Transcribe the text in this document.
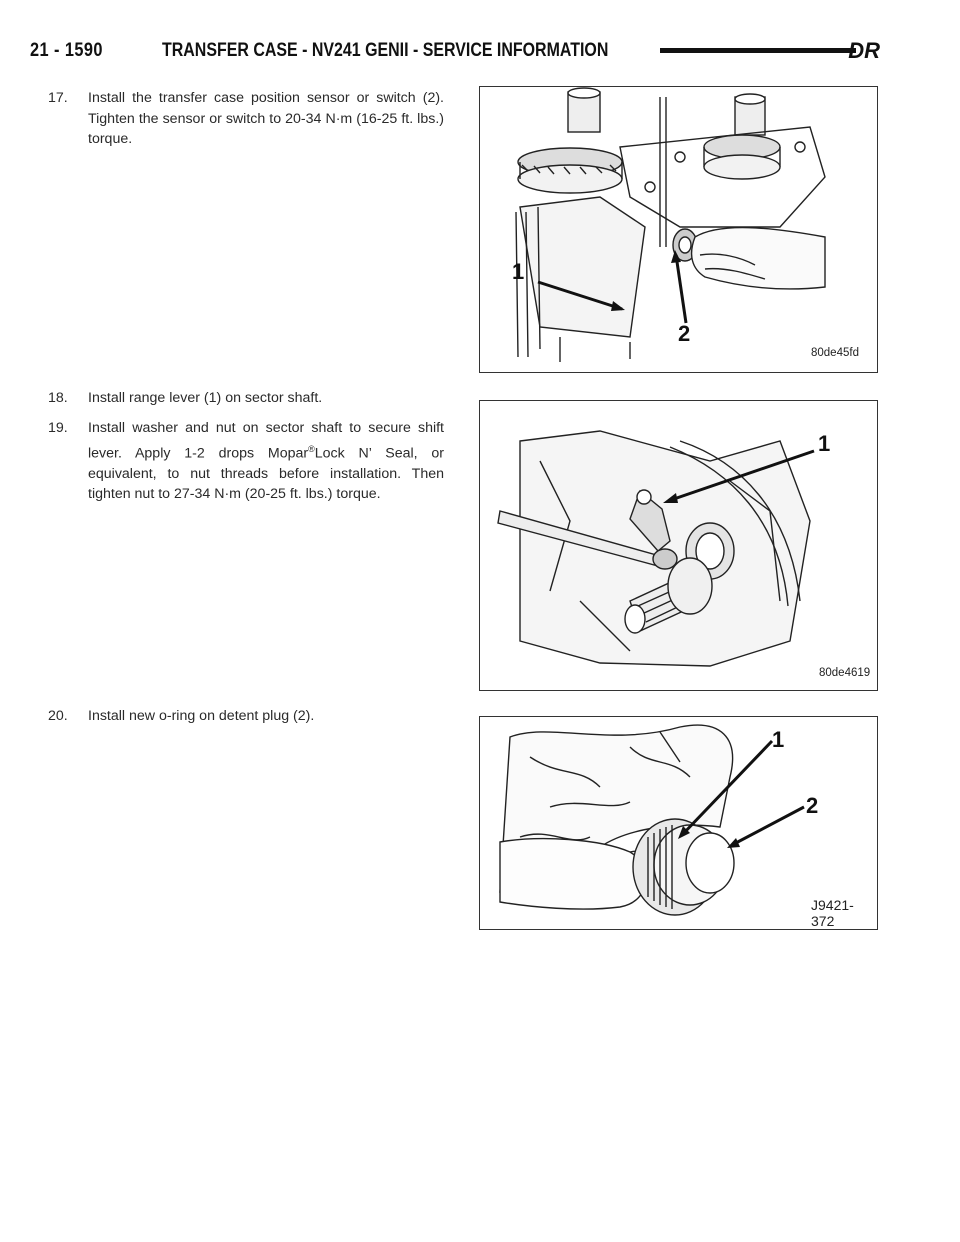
21 - 1590	TRANSFER CASE - NV241 GENII - SERVICE INFORMATION	DR
17.	Install the transfer case position sensor or switch (2). Tighten the sensor or switch to 20-34 N·m (16-25 ft. lbs.) torque.
18.	Install range lever (1) on sector shaft.
19.	Install washer and nut on sector shaft to secure shift lever. Apply 1-2 drops Mopar®Lock N’ Seal, or equivalent, to nut threads before installation. Then tighten nut to 27-34 N·m (20-25 ft. lbs.) torque.
20.	Install new o-ring on detent plug (2).
1
2
80de45fd
1
80de4619
1
2
J9421-372
